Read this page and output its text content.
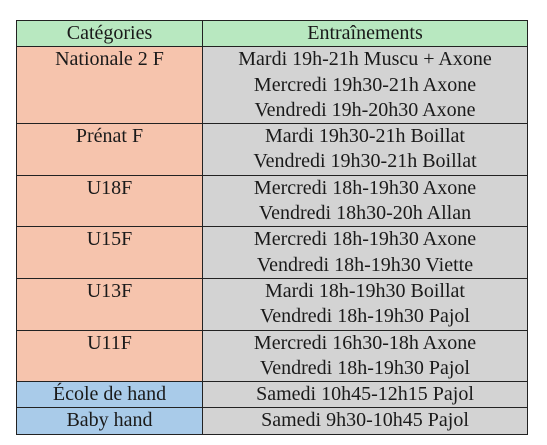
Catégories	Entraînements
Nationale 2 F	Mardi 19h-21h Muscu + Axone
Mercredi 19h30-21h Axone
Vendredi 19h-20h30 Axone

Prénat F	Mardi 19h30-21h Boillat
Vendredi 19h30-21h Boillat

U18F	Mercredi 18h-19h30 Axone
Vendredi 18h30-20h Allan

U15F	Mercredi 18h-19h30 Axone
Vendredi 18h-19h30 Viette

U13F	Mardi 18h-19h30 Boillat
Vendredi 18h-19h30 Pajol

U11F	Mercredi 16h30-18h Axone
Vendredi 18h-19h30 Pajol

École de hand	Samedi 10h45-12h15 Pajol

Baby hand	Samedi 9h30-10h45 Pajol
